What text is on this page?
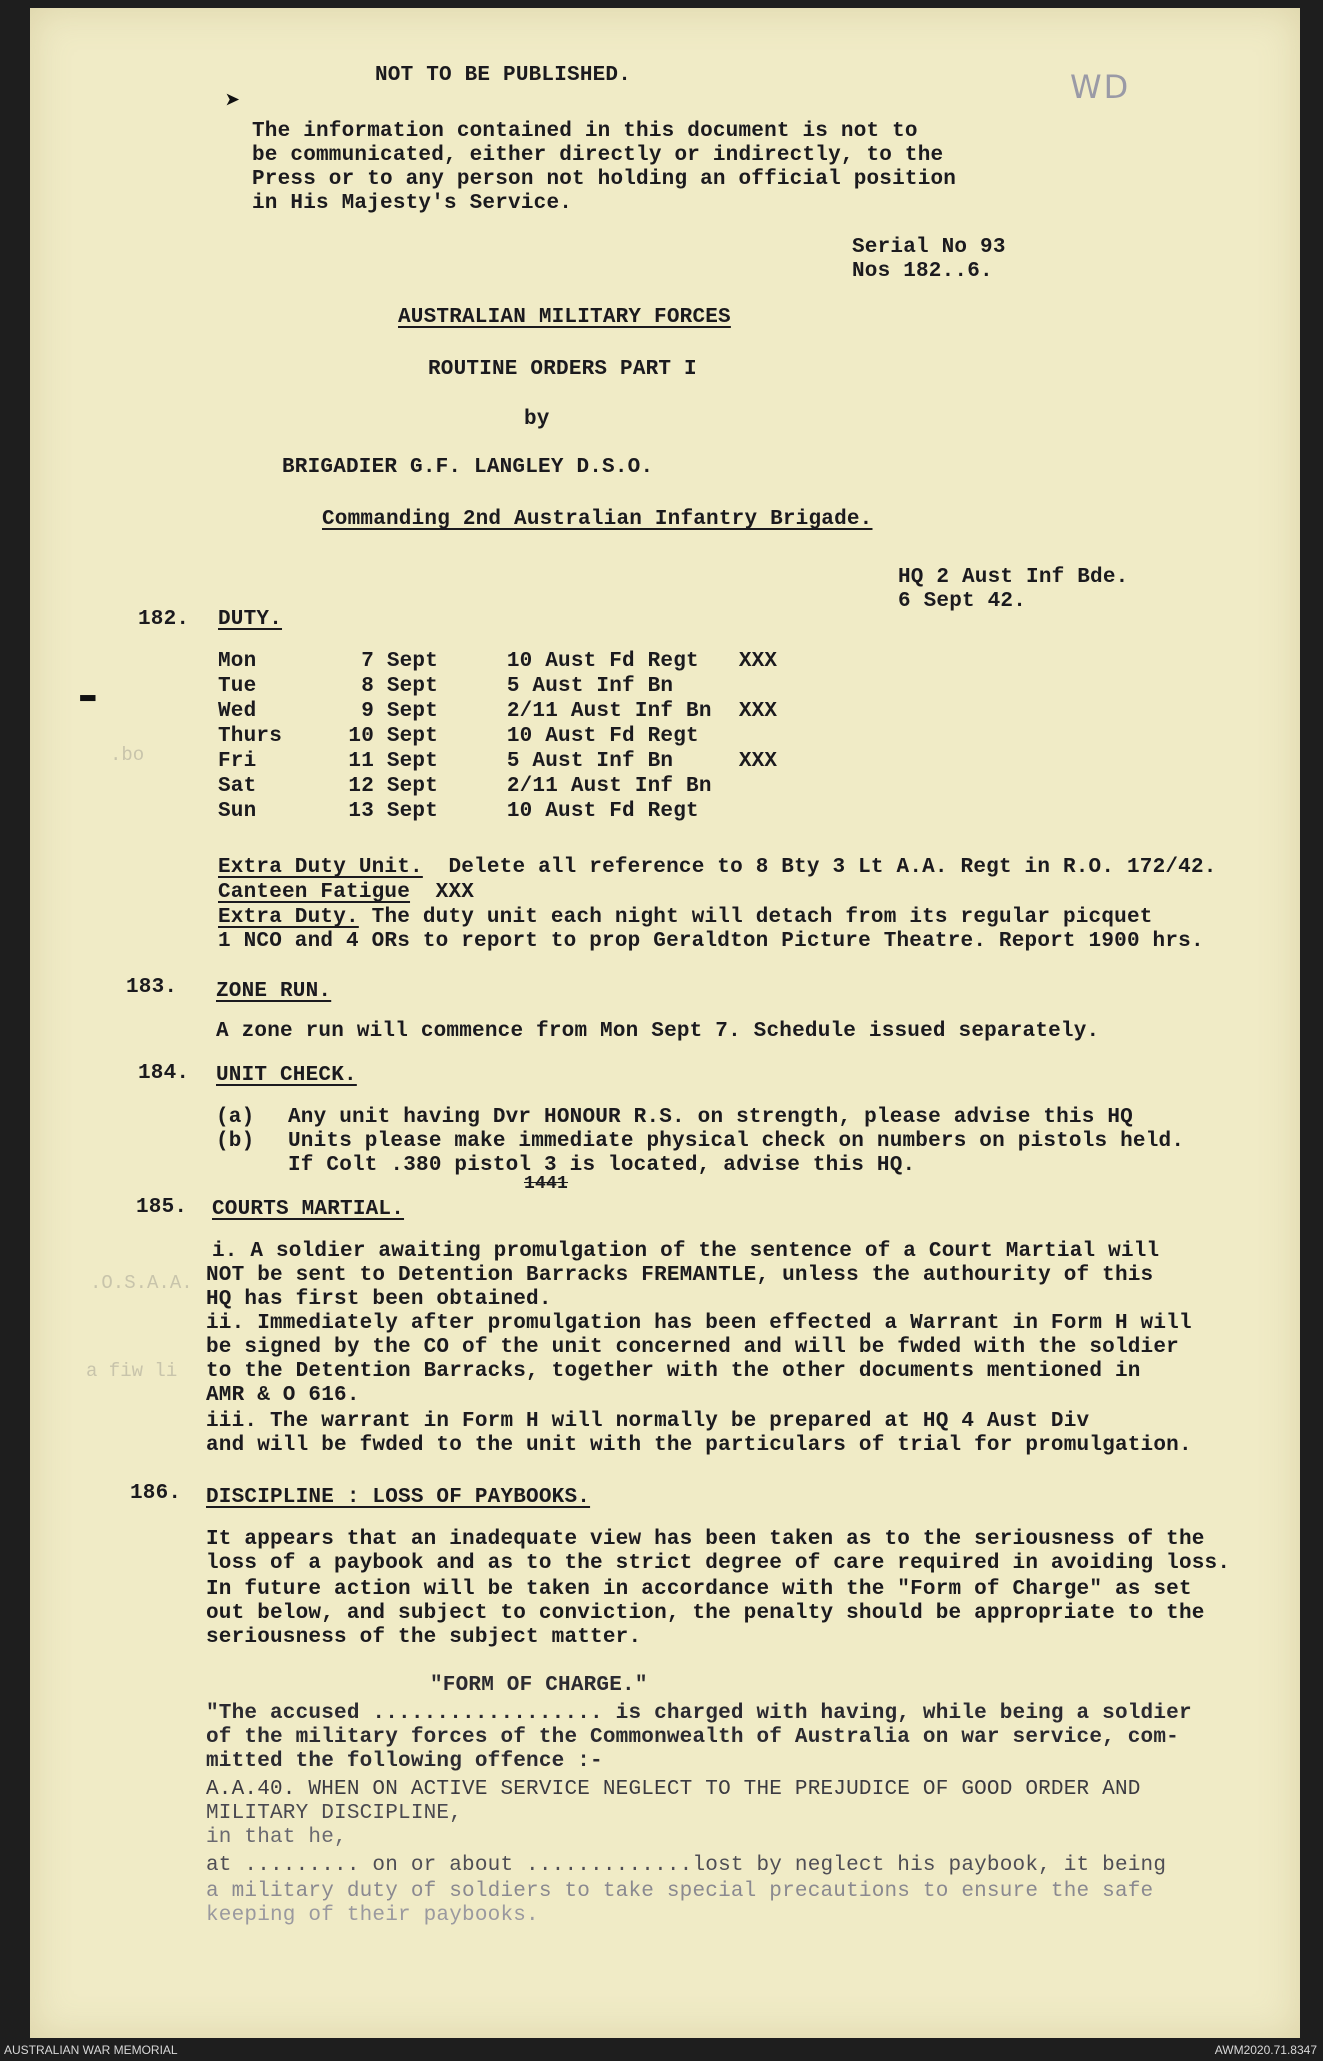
NOT TO BE PUBLISHED.	WD
➤
The information contained in this document is not to
be communicated, either directly or indirectly, to the
Press or to any person not holding an official position
in His Majesty's Service.
Serial No 93
Nos 182..6.
AUSTRALIAN MILITARY FORCES
ROUTINE ORDERS PART I
by
BRIGADIER G.F. LANGLEY D.S.O.
Commanding 2nd Australian Infantry Brigade.
HQ 2 Aust Inf Bde.
6 Sept 42.
.bo
.O.S.A.A.
a fiw li
182. DUTY.
▬
Mon	7 Sept	10 Aust Fd Regt XXX
Tue	8 Sept	5 Aust Inf Bn
Wed	9 Sept	2/11 Aust Inf Bn XXX
Thurs	10 Sept	10 Aust Fd Regt
Fri	11 Sept	5 Aust Inf Bn	XXX
Sat	12 Sept	2/11 Aust Inf Bn
Sun	13 Sept	10 Aust Fd Regt
Extra Duty Unit. Delete all reference to 8 Bty 3 Lt A.A. Regt in R.O. 172/42.
Canteen Fatigue XXX
Extra Duty. The duty unit each night will detach from its regular picquet
1 NCO and 4 ORs to report to prop Geraldton Picture Theatre. Report 1900 hrs.
183. ZONE RUN.
A zone run will commence from Mon Sept 7. Schedule issued separately.
184. UNIT CHECK.
(a) Any unit having Dvr HONOUR R.S. on strength, please advise this HQ
(b) Units please make immediate physical check on numbers on pistols held.
If Colt .380 pistol 3 is located, advise this HQ.
1441
185. COURTS MARTIAL.
i. A soldier awaiting promulgation of the sentence of a Court Martial will
NOT be sent to Detention Barracks FREMANTLE, unless the authourity of this
HQ has first been obtained.
ii. Immediately after promulgation has been effected a Warrant in Form H will
be signed by the CO of the unit concerned and will be fwded with the soldier
to the Detention Barracks, together with the other documents mentioned in
AMR & O 616.
iii. The warrant in Form H will normally be prepared at HQ 4 Aust Div
and will be fwded to the unit with the particulars of trial for promulgation.
186. DISCIPLINE : LOSS OF PAYBOOKS.
It appears that an inadequate view has been taken as to the seriousness of the
loss of a paybook and as to the strict degree of care required in avoiding loss.
In future action will be taken in accordance with the "Form of Charge" as set
out below, and subject to conviction, the penalty should be appropriate to the
seriousness of the subject matter.
"FORM OF CHARGE."
"The accused .................. is charged with having, while being a soldier
of the military forces of the Commonwealth of Australia on war service, com-
mitted the following offence :-
A.A.40. WHEN ON ACTIVE SERVICE NEGLECT TO THE PREJUDICE OF GOOD ORDER AND
MILITARY DISCIPLINE,
in that he,
at ......... on or about .............lost by neglect his paybook, it being
a military duty of soldiers to take special precautions to ensure the safe
keeping of their paybooks.
AUSTRALIAN WAR MEMORIAL	AWM2020.71.8347
